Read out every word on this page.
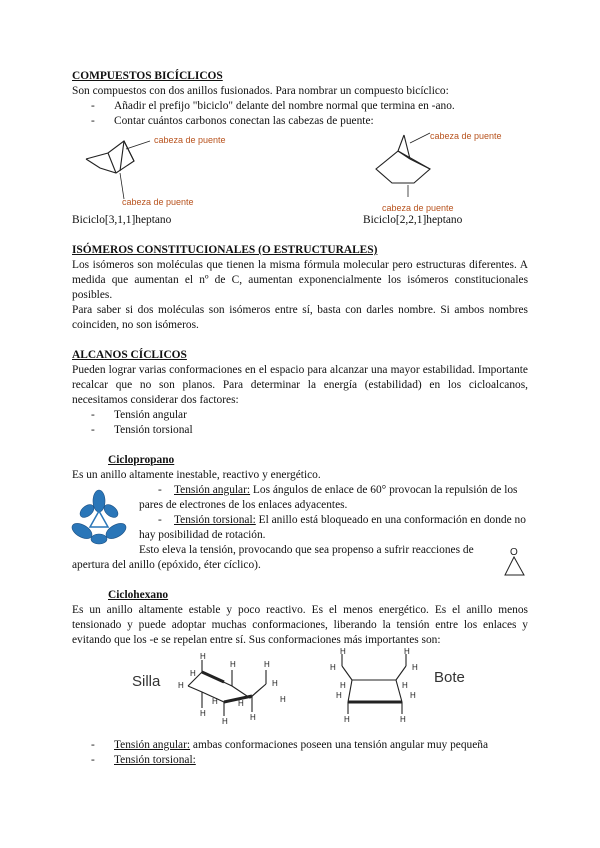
COMPUESTOS BICÍCLICOS

Son compuestos con dos anillos fusionados. Para nombrar un compuesto bicíclico:

- Añadir el prefijo "biciclo" delante del nombre normal que termina en -ano.
- Contar cuántos carbonos conectan las cabezas de puente:
cabeza de puente
cabeza de puente
cabeza de puente
cabeza de puente
Biciclo[3,1,1]heptano	Biciclo[2,2,1]heptano

ISÓMEROS CONSTITUCIONALES (O ESTRUCTURALES)

Los isómeros son moléculas que tienen la misma fórmula molecular pero estructuras diferentes. A medida que aumentan el nº de C, aumentan exponencialmente los isómeros constitucionales posibles.

Para saber si dos moléculas son isómeros entre sí, basta con darles nombre. Si ambos nombres coinciden, no son isómeros.

ALCANOS CÍCLICOS

Pueden lograr varias conformaciones en el espacio para alcanzar una mayor estabilidad. Importante recalcar que no son planos. Para determinar la energía (estabilidad) en los cicloalcanos, necesitamos considerar dos factores:

- Tensión angular
- Tensión torsional

Ciclopropano

Es un anillo altamente inestable, reactivo y energético.

- Tensión angular: Los ángulos de enlace de 60° provocan la repulsión de los pares de electrones de los enlaces adyacentes.
- Tensión torsional: El anillo está bloqueado en una conformación en donde no hay posibilidad de rotación.

Esto eleva la tensión, provocando que sea propenso a sufrir reacciones de

apertura del anillo (epóxido, éter cíclico).

O

Ciclohexano

Es un anillo altamente estable y poco reactivo. Es el menos energético. Es el anillo menos tensionado y puede adoptar muchas conformaciones, liberando la tensión entre los enlaces y evitando que los -e se repelan entre sí. Sus conformaciones más importantes son:

Silla
H
H	H
H
H
H
H
H	H
H
H	H
H	H
H	H
H	H
H	H
H	H
Bote
- Tensión angular: ambas conformaciones poseen una tensión angular muy pequeña
- Tensión torsional:
